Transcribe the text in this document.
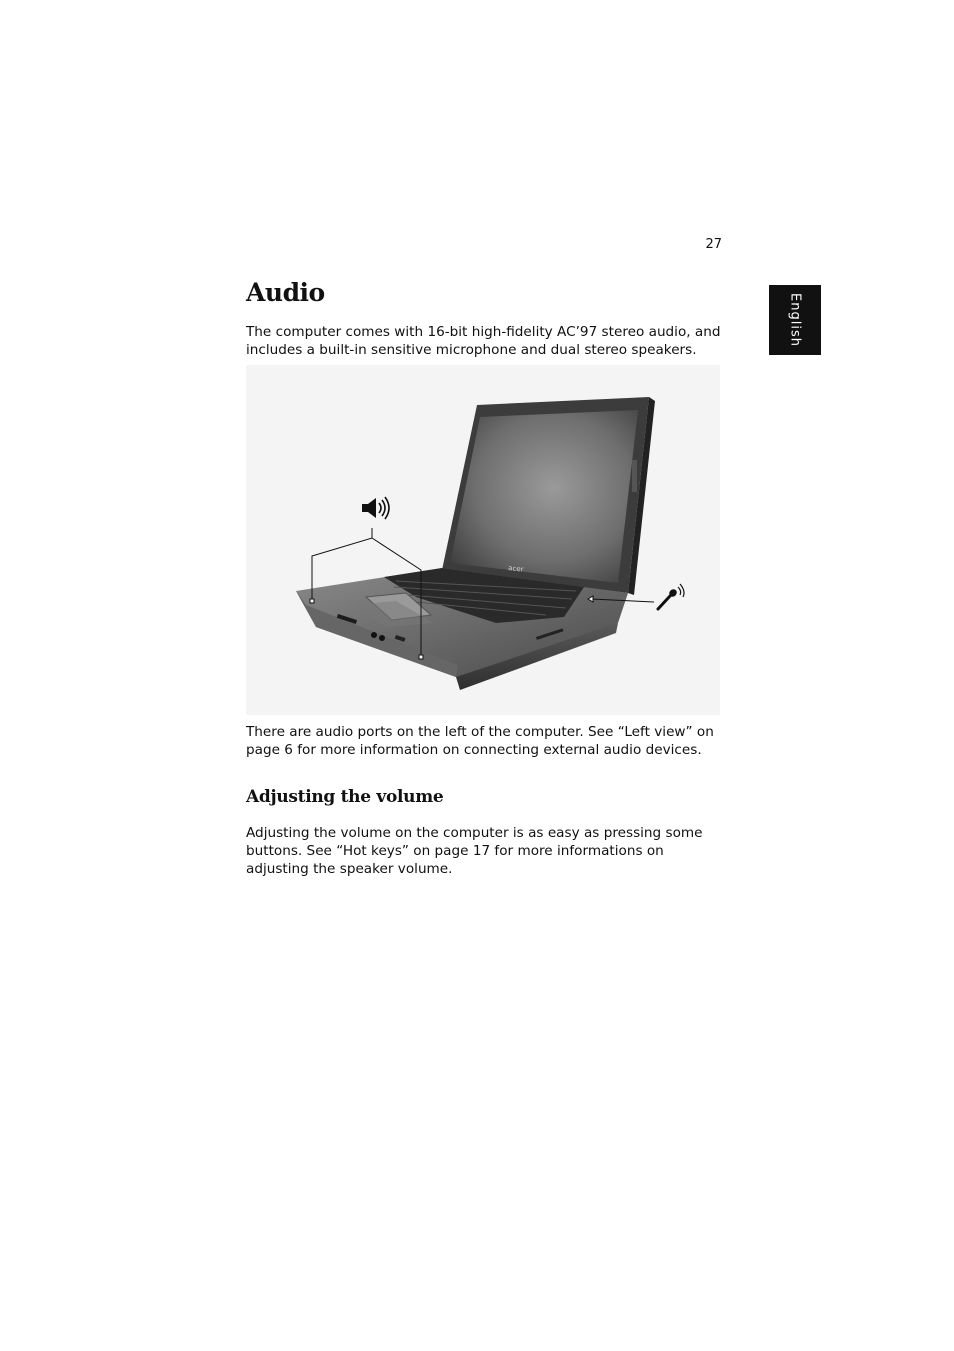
27
English
Audio

The computer comes with 16-bit high-fidelity AC’97 stereo audio, and includes a built-in sensitive microphone and dual stereo speakers.

acer

There are audio ports on the left of the computer. See “Left view” on page 6 for more information on connecting external audio devices.

Adjusting the volume

Adjusting the volume on the computer is as easy as pressing some buttons. See “Hot keys” on page 17 for more informations on adjusting the speaker volume.
